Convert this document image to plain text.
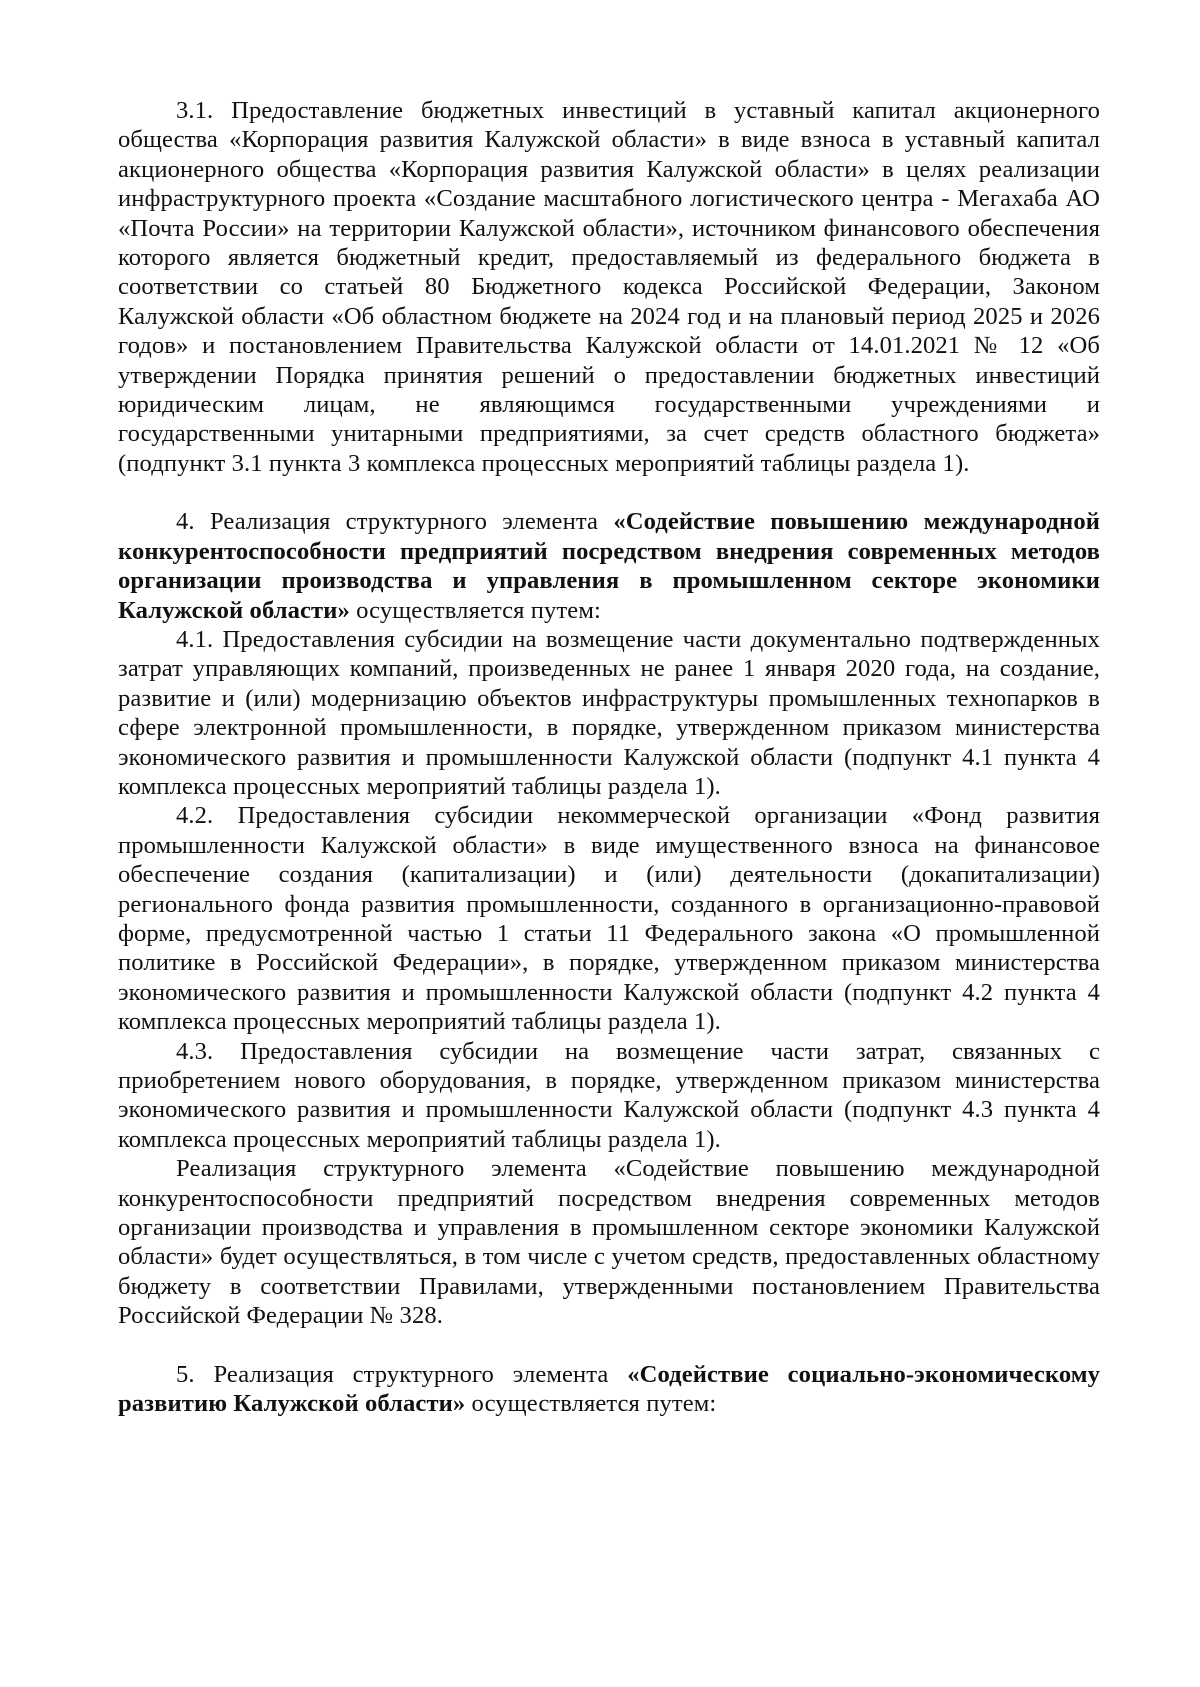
3.1. Предоставление бюджетных инвестиций в уставный капитал акционерного общества «Корпорация развития Калужской области» в виде взноса в уставный капитал акционерного общества «Корпорация развития Калужской области» в целях реализации инфраструктурного проекта «Создание масштабного логистического центра - Мегахаба АО «Почта России» на территории Калужской области», источником финансового обеспечения которого является бюджетный кредит, предоставляемый из федерального бюджета в соответствии со статьей 80 Бюджетного кодекса Российской Федерации, Законом Калужской области «Об областном бюджете на 2024 год и на плановый период 2025 и 2026 годов» и постановлением Правительства Калужской области от 14.01.2021 № 12 «Об утверждении Порядка принятия решений о предоставлении бюджетных инвестиций юридическим лицам, не являющимся государственными учреждениями и государственными унитарными предприятиями, за счет средств областного бюджета» (подпункт 3.1 пункта 3 комплекса процессных мероприятий таблицы раздела 1).

4. Реализация структурного элемента «Содействие повышению международной конкурентоспособности предприятий посредством внедрения современных методов организации производства и управления в промышленном секторе экономики Калужской области» осуществляется путем:

4.1. Предоставления субсидии на возмещение части документально подтвержденных затрат управляющих компаний, произведенных не ранее 1 января 2020 года, на создание, развитие и (или) модернизацию объектов инфраструктуры промышленных технопарков в сфере электронной промышленности, в порядке, утвержденном приказом министерства экономического развития и промышленности Калужской области (подпункт 4.1 пункта 4 комплекса процессных мероприятий таблицы раздела 1).

4.2. Предоставления субсидии некоммерческой организации «Фонд развития промышленности Калужской области» в виде имущественного взноса на финансовое обеспечение создания (капитализации) и (или) деятельности (докапитализации) регионального фонда развития промышленности, созданного в организационно-правовой форме, предусмотренной частью 1 статьи 11 Федерального закона «О промышленной политике в Российской Федерации», в порядке, утвержденном приказом министерства экономического развития и промышленности Калужской области (подпункт 4.2 пункта 4 комплекса процессных мероприятий таблицы раздела 1).

4.3. Предоставления субсидии на возмещение части затрат, связанных с приобретением нового оборудования, в порядке, утвержденном приказом министерства экономического развития и промышленности Калужской области (подпункт 4.3 пункта 4 комплекса процессных мероприятий таблицы раздела 1).

Реализация структурного элемента «Содействие повышению международной конкурентоспособности предприятий посредством внедрения современных методов организации производства и управления в промышленном секторе экономики Калужской области» будет осуществляться, в том числе с учетом средств, предоставленных областному бюджету в соответствии Правилами, утвержденными постановлением Правительства Российской Федерации № 328.

5. Реализация структурного элемента «Содействие социально-экономическому развитию Калужской области» осуществляется путем:
